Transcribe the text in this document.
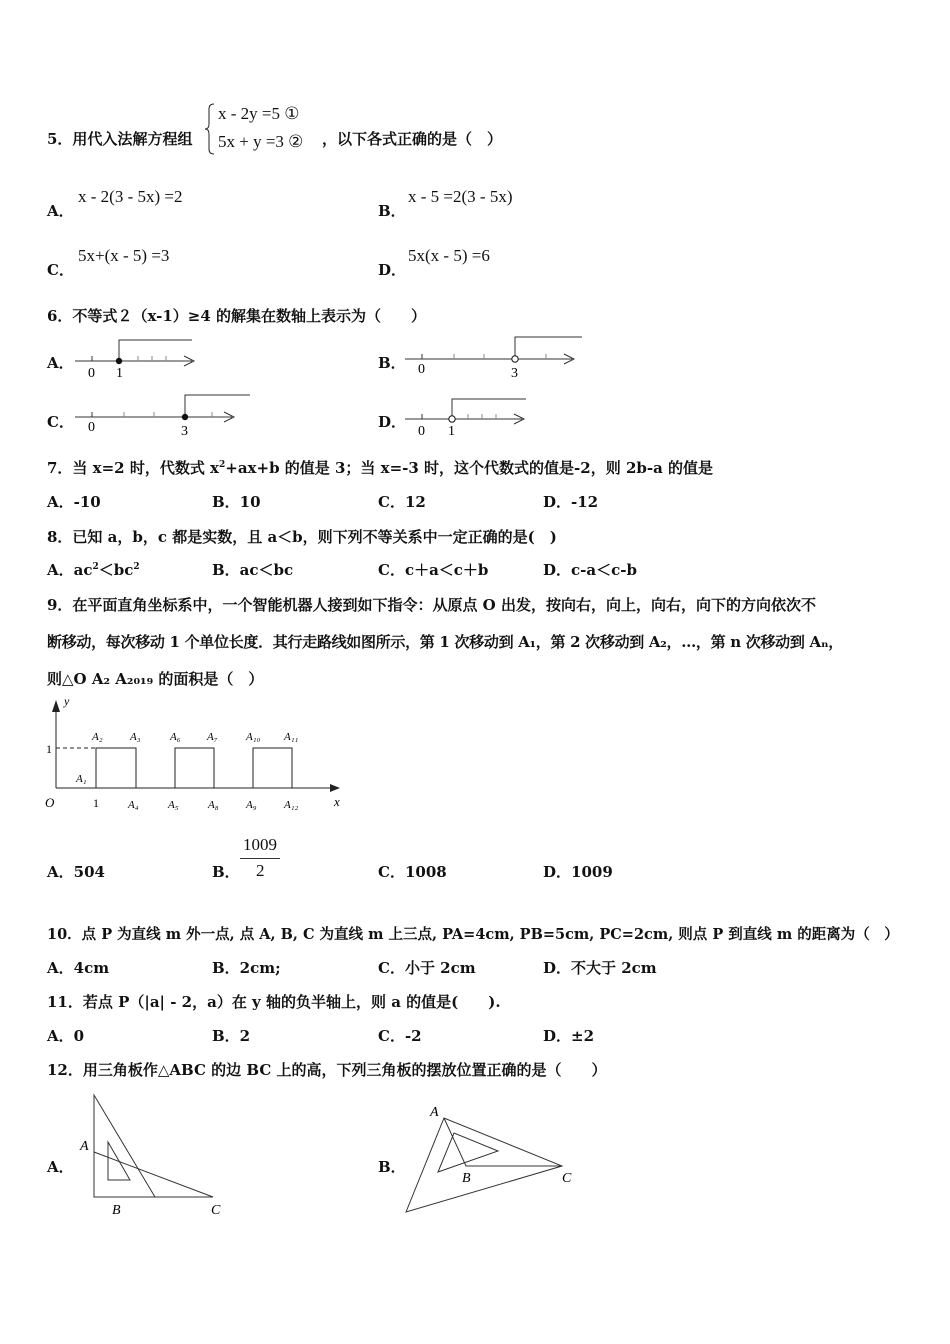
5．用代入法解方程组
x - 2y =5 ①
5x + y =3 ② ，以下各式正确的是（　）
A．
x - 2(3 - 5x) =2
B．
x - 5 =2(3 - 5x)
C．
5x+(x - 5) =3
D．
5x(x - 5) =6
6．不等式２（x-1）≥4 的解集在数轴上表示为（　　）
A．
0 1
B． 0	3
C． 0	3
D．
0 1
7．当 x=2 时，代数式 $x^2+ax+b$ 的值是 3；当 x=-3 时，这个代数式的值是-2，则 2b-a 的值是
A．-10	B．10	C．12	D．-12
8．已知 a，b，c 都是实数，且 a＜b，则下列不等关系中一定正确的是(　)
A．$ac^2<bc^2$	B．ac＜bc	C．c＋a＜c＋b	D．c-a＜c-b
9．在平面直角坐标系中，一个智能机器人接到如下指令：从原点 O 出发，按向右，向上，向右，向下的方向依次不
断移动，每次移动 1 个单位长度．其行走路线如图所示，第 1 次移动到 A₁，第 2 次移动到 A₂，…，第 n 次移动到 Aₙ，
则△O A₂ A₂₀₁₉ 的面积是（　）
y
x
O
1
1
A₁
A₂ A₃	A₆ A₇	A₁₀ A₁₁
A₄	A₅	A₈ A₉ A₁₂
A．504	B．
1009
2	C．1008	D．1009
10．点 P 为直线 m 外一点, 点 A, B, C 为直线 m 上三点, PA=4cm, PB=5cm, PC=2cm, 则点 P 到直线 m 的距离为（　）
A．4cm	B．2cm;	C．小于 2cm	D．不大于 2cm
11．若点 P（|a| - 2，a）在 y 轴的负半轴上，则 a 的值是(　　).
A．0	B．2	C．-2	D．±2
12．用三角板作△ABC 的边 BC 上的高，下列三角板的摆放位置正确的是（　　）
A．
A
B	C
B．
A
B	C
